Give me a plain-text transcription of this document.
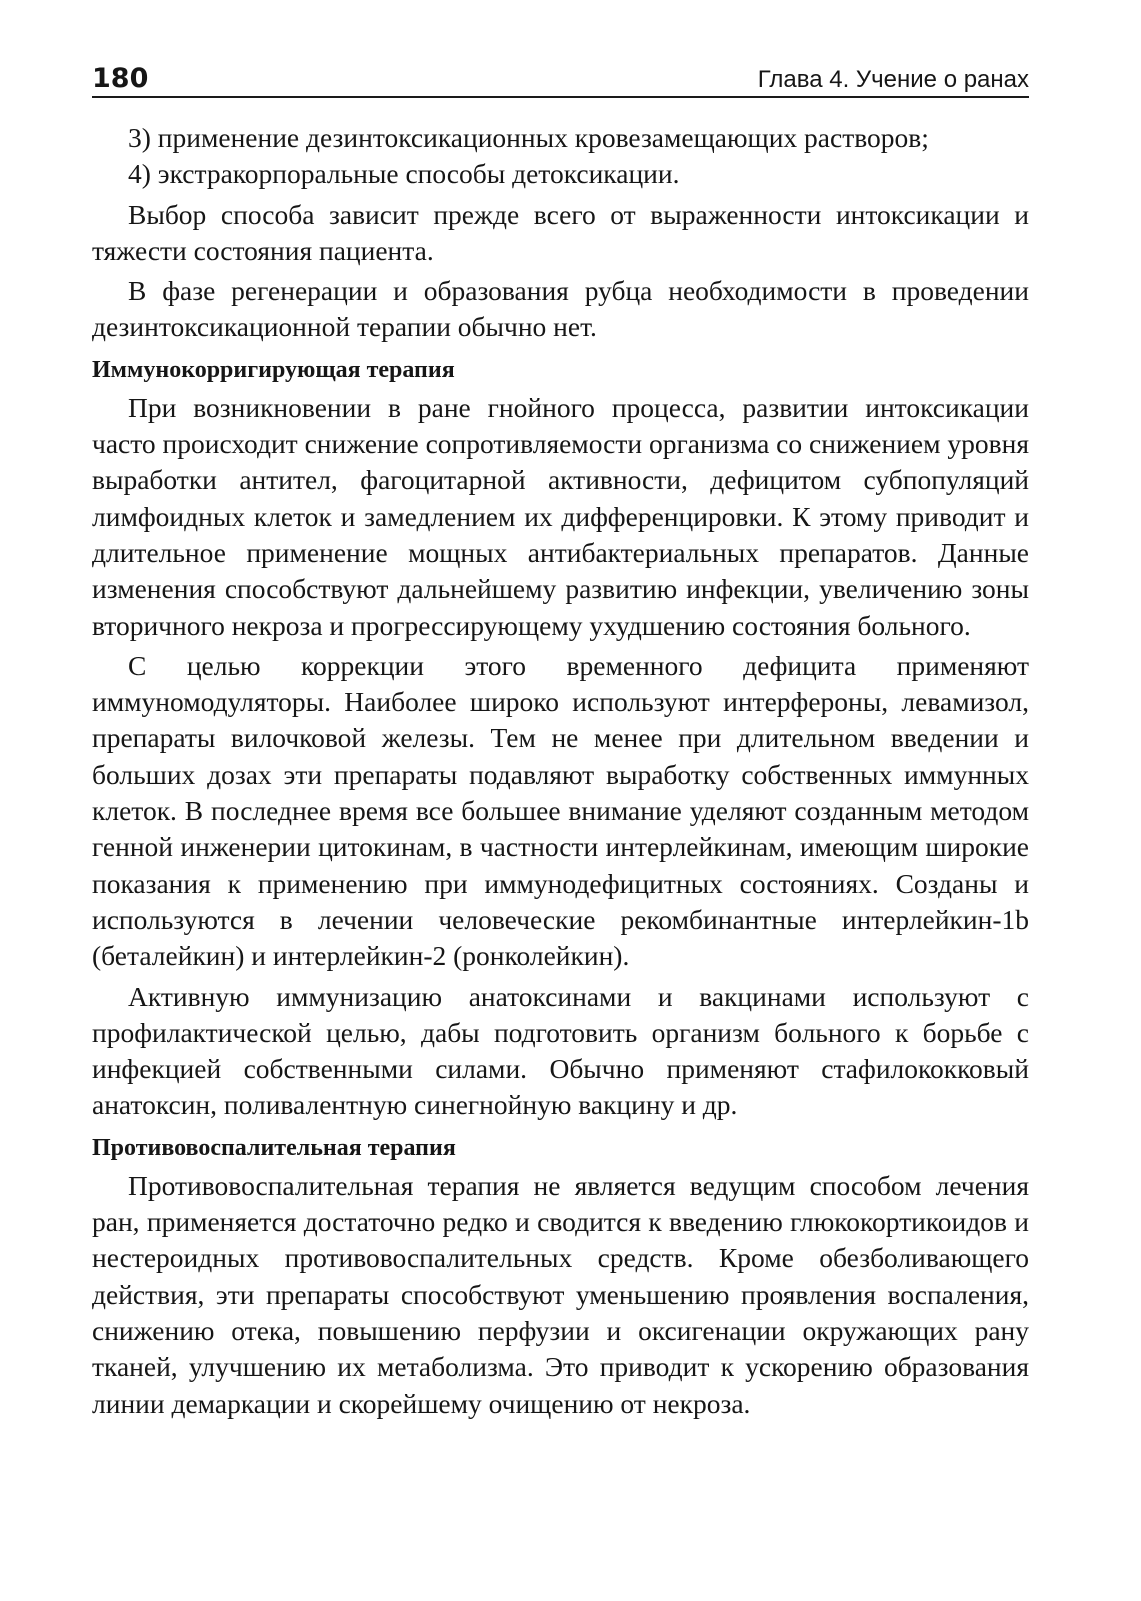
180	Глава 4. Учение о ранах

3) применение дезинтоксикационных кровезамещающих растворов;

4) экстракорпоральные способы детоксикации.

Выбор способа зависит прежде всего от выраженности интоксикации и тяжести состояния пациента.

В фазе регенерации и образования рубца необходимости в проведении дезинтоксикационной терапии обычно нет.

Иммунокорригирующая терапия

При возникновении в ране гнойного процесса, развитии интоксикации часто происходит снижение сопротивляемости организма со снижением уровня выработки антител, фагоцитарной активности, дефицитом субпопуляций лимфоидных клеток и замедлением их дифференцировки. К этому приводит и длительное применение мощных антибактериальных препаратов. Данные изменения способствуют дальнейшему развитию инфекции, увеличению зоны вторичного некроза и прогрессирующему ухудшению состояния больного.

С целью коррекции этого временного дефицита применяют иммуномодуляторы. Наиболее широко используют интерфероны, левамизол, препараты вилочковой железы. Тем не менее при длительном введении и больших дозах эти препараты подавляют выработку собственных иммунных клеток. В последнее время все большее внимание уделяют созданным методом генной инженерии цитокинам, в частности интерлейкинам, имеющим широкие показания к применению при иммунодефицитных состояниях. Созданы и используются в лечении человеческие рекомбинантные интерлейкин-1b (беталейкин) и интерлейкин-2 (ронколейкин).

Активную иммунизацию анатоксинами и вакцинами используют с профилактической целью, дабы подготовить организм больного к борьбе с инфекцией собственными силами. Обычно применяют стафилококковый анатоксин, поливалентную синегнойную вакцину и др.

Противовоспалительная терапия

Противовоспалительная терапия не является ведущим способом лечения ран, применяется достаточно редко и сводится к введению глюкокортикоидов и нестероидных противовоспалительных средств. Кроме обезболивающего действия, эти препараты способствуют уменьшению проявления воспаления, снижению отека, повышению перфузии и оксигенации окружающих рану тканей, улучшению их метаболизма. Это приводит к ускорению образования линии демаркации и скорейшему очищению от некроза.
